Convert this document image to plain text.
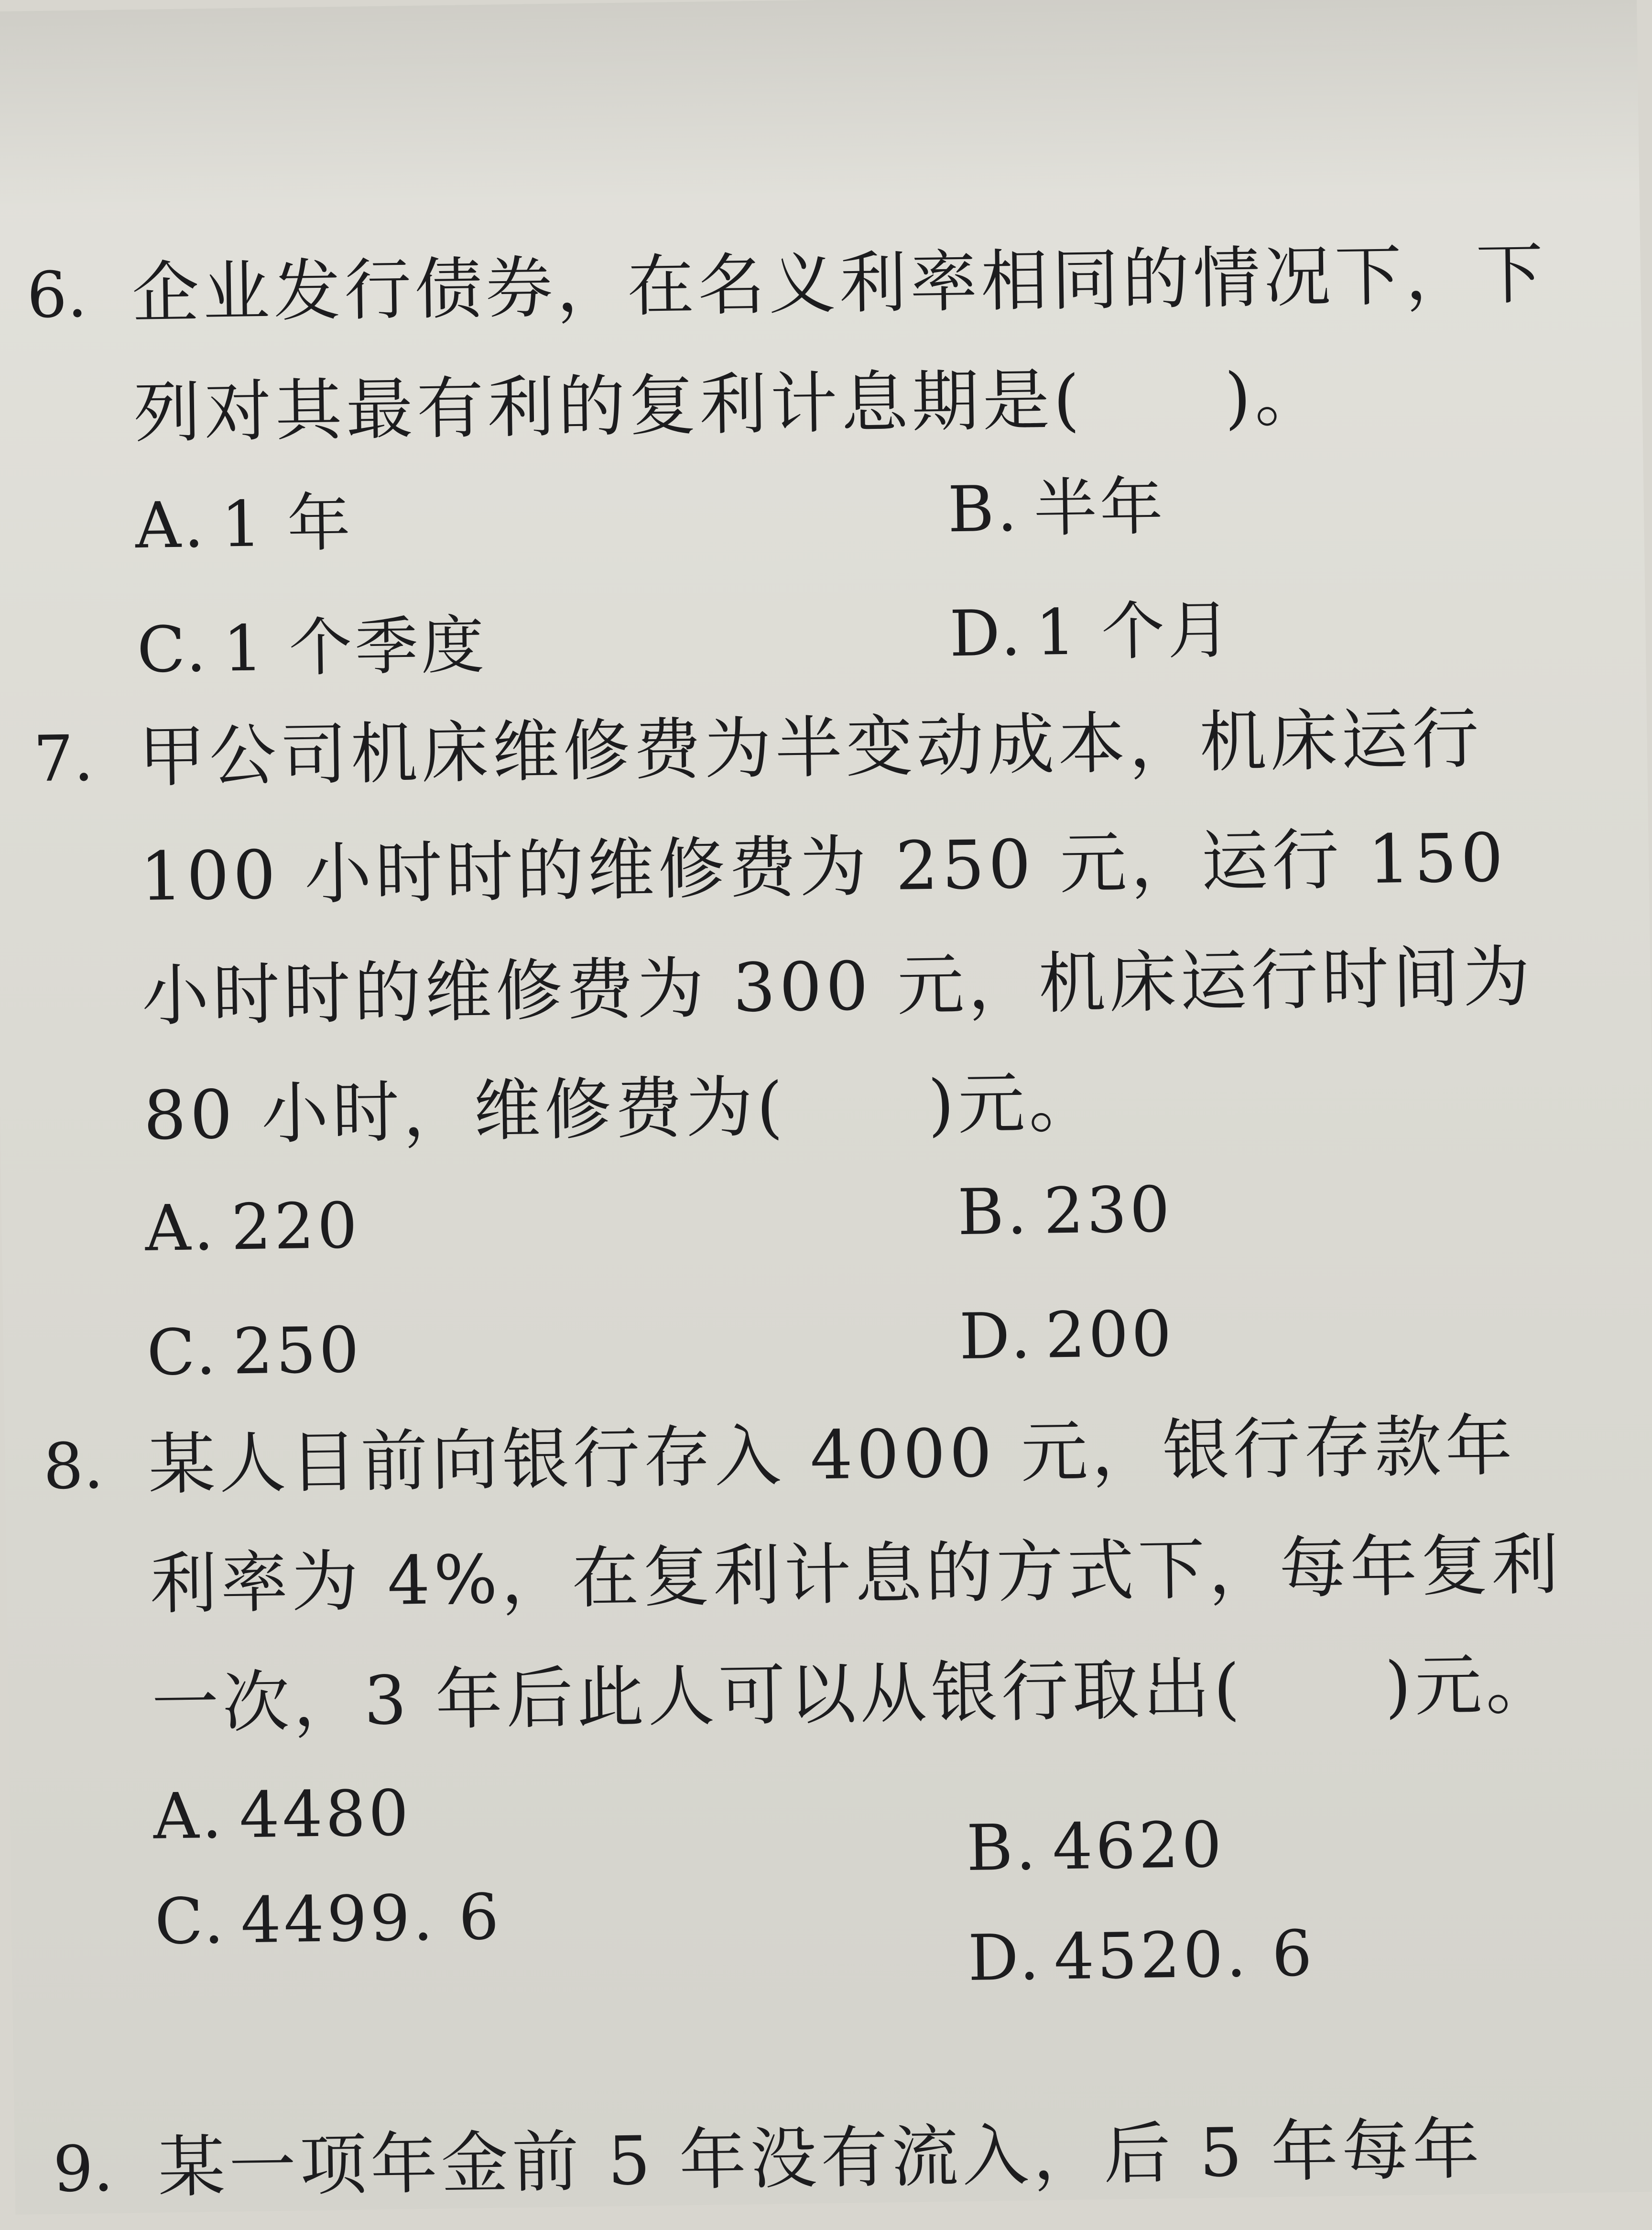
6. 企业发行债券，在名义利率相同的情况下，下列对其最有利的复利计息期是(　　)。
A. 1 年	B. 半年
C. 1 个季度	D. 1 个月
7. 甲公司机床维修费为半变动成本，机床运行 100 小时时的维修费为 250 元，运行 150 小时时的维修费为 300 元，机床运行时间为 80 小时，维修费为(　　)元。
A. 220	B. 230
C. 250	D. 200
8. 某人目前向银行存入 4000 元，银行存款年利率为 4%，在复利计息的方式下，每年复利一次，3 年后此人可以从银行取出(　　)元。
A. 4480	B. 4620
C. 4499. 6
D. 4520. 6
9. 某一项年金前 5 年没有流入，后 5 年每年
